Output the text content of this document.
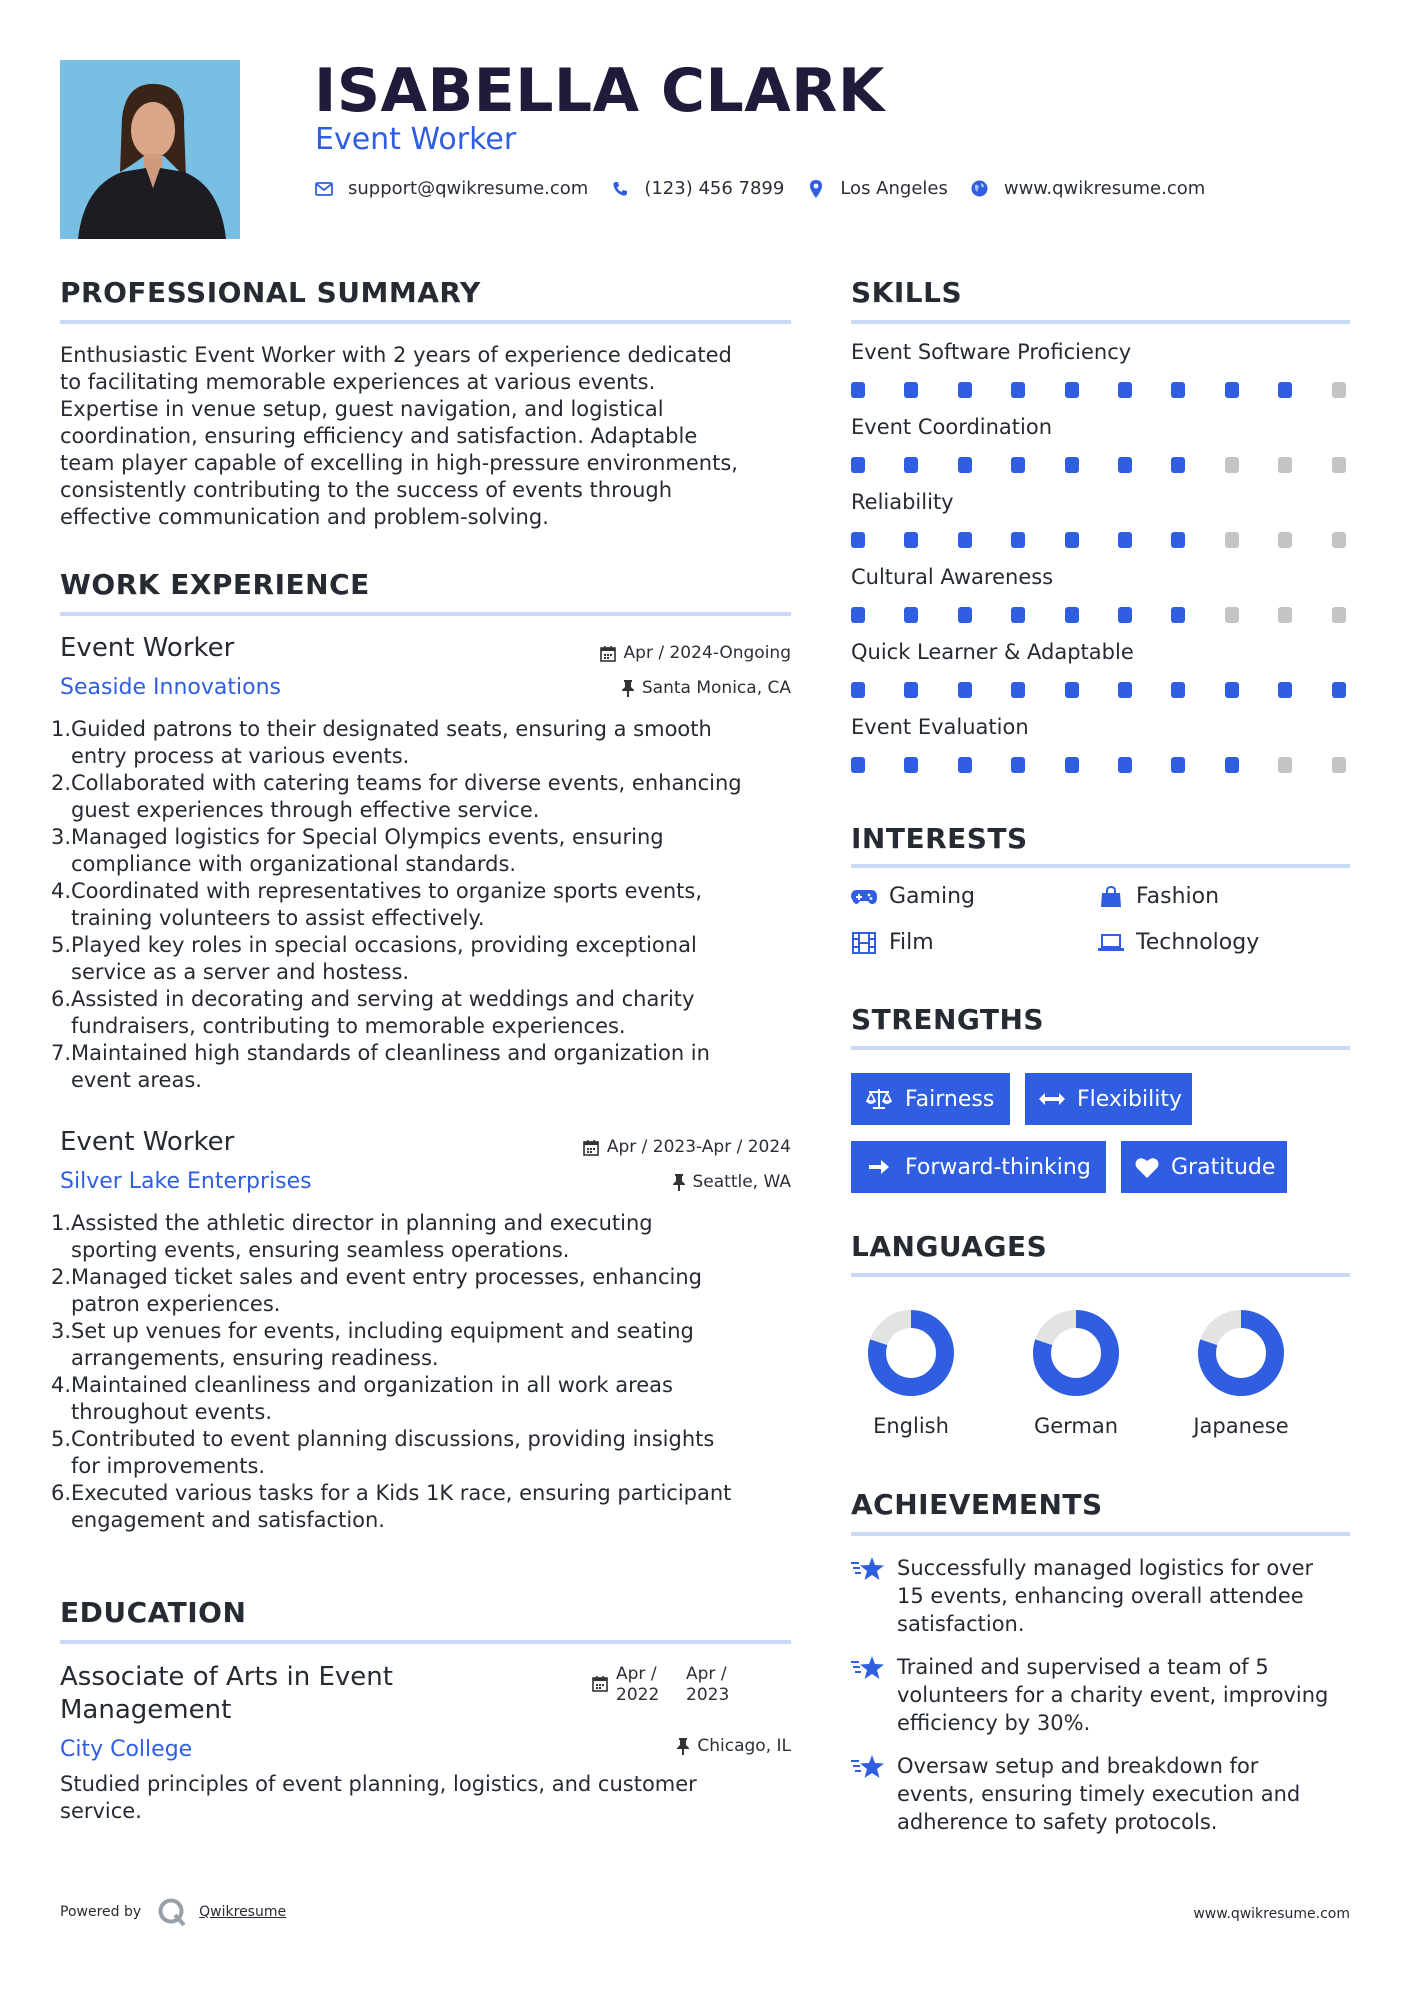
ISABELLA CLARK
Event Worker
support@qwikresume.com	(123) 456 7899	Los Angeles	www.qwikresume.com
PROFESSIONAL SUMMARY
Enthusiastic Event Worker with 2 years of experience dedicated
to facilitating memorable experiences at various events.
Expertise in venue setup, guest navigation, and logistical
coordination, ensuring efficiency and satisfaction. Adaptable
team player capable of excelling in high-pressure environments,
consistently contributing to the success of events through
effective communication and problem-solving.
WORK EXPERIENCE
Event Worker
Seaside Innovations
Apr / 2024-Ongoing
Santa Monica, CA
1. Guided patrons to their designated seats, ensuring a smooth
entry process at various events.
2. Collaborated with catering teams for diverse events, enhancing
guest experiences through effective service.
3. Managed logistics for Special Olympics events, ensuring
compliance with organizational standards.
4. Coordinated with representatives to organize sports events,
training volunteers to assist effectively.
5. Played key roles in special occasions, providing exceptional
service as a server and hostess.
6. Assisted in decorating and serving at weddings and charity
fundraisers, contributing to memorable experiences.
7. Maintained high standards of cleanliness and organization in
event areas.
Event Worker
Silver Lake Enterprises
Apr / 2023-Apr / 2024
Seattle, WA
1. Assisted the athletic director in planning and executing
sporting events, ensuring seamless operations.
2. Managed ticket sales and event entry processes, enhancing
patron experiences.
3. Set up venues for events, including equipment and seating
arrangements, ensuring readiness.
4. Maintained cleanliness and organization in all work areas
throughout events.
5. Contributed to event planning discussions, providing insights
for improvements.
6. Executed various tasks for a Kids 1K race, ensuring participant
engagement and satisfaction.
EDUCATION
Associate of Arts in Event
Management
City College
Apr /
2022
Apr /
2023
Chicago, IL
Studied principles of event planning, logistics, and customer
service.
SKILLS
Event Software Proficiency
Event Coordination
Reliability
Cultural Awareness
Quick Learner & Adaptable
Event Evaluation
INTERESTS
Gaming	Fashion
Film	Technology
STRENGTHS
Fairness	Flexibility
Forward-thinking	Gratitude
LANGUAGES
English	German	Japanese
ACHIEVEMENTS
Successfully managed logistics for over
15 events, enhancing overall attendee
satisfaction.
Trained and supervised a team of 5
volunteers for a charity event, improving
efficiency by 30%.
Oversaw setup and breakdown for
events, ensuring timely execution and
adherence to safety protocols.
Powered by	Qwikresume	www.qwikresume.com
